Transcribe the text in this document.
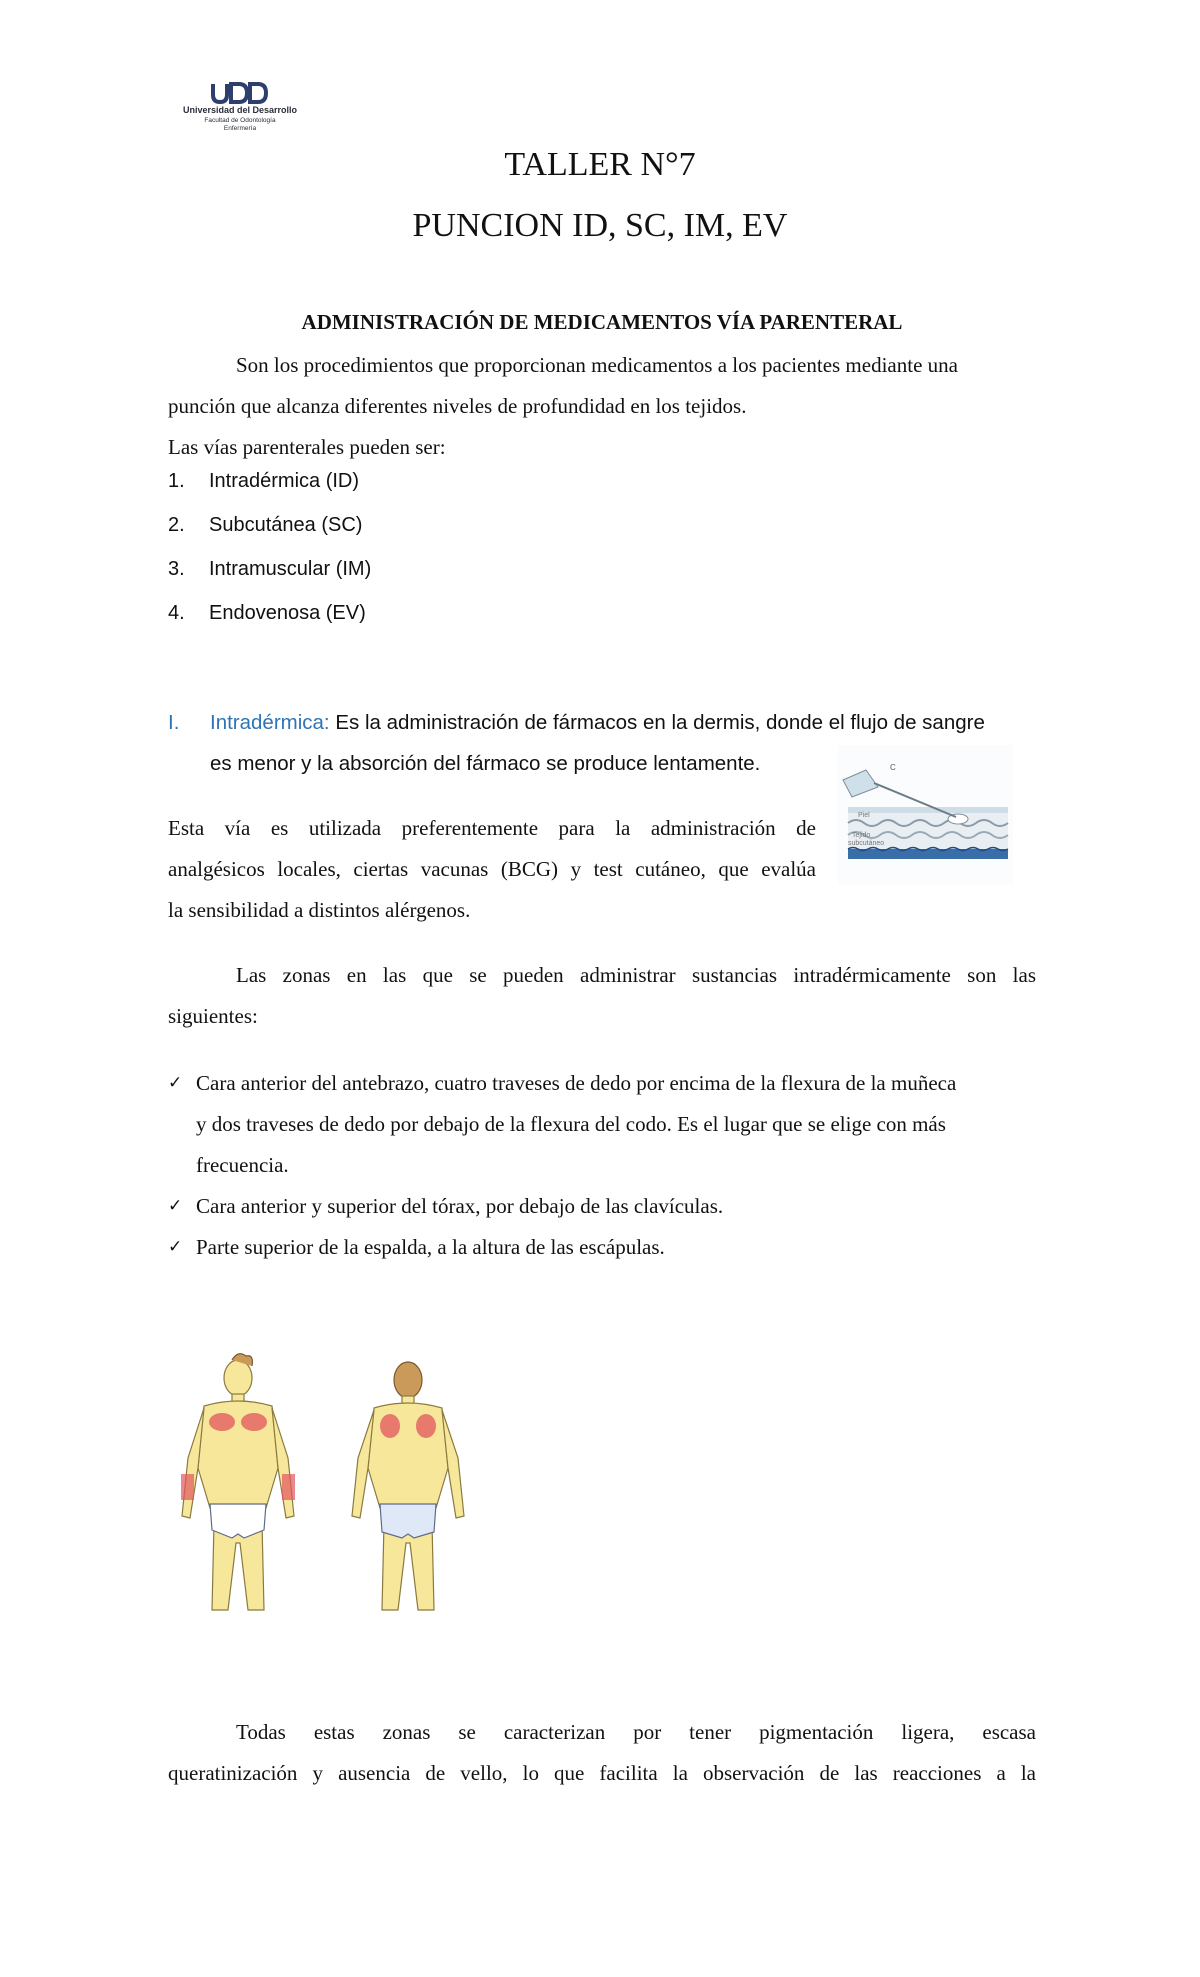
Universidad del Desarrollo
Facultad de Odontología
Enfermería
TALLER N°7
PUNCION ID, SC, IM, EV
ADMINISTRACIÓN DE MEDICAMENTOS VÍA PARENTERAL
Son los procedimientos que proporcionan medicamentos a los pacientes mediante una
punción que alcanza diferentes niveles de profundidad en los tejidos.
Las vías parenterales pueden ser:
1. Intradérmica (ID)
2. Subcutánea (SC)
3. Intramuscular (IM)
4. Endovenosa (EV)
I. Intradérmica: Es la administración de fármacos en la dermis, donde el flujo de sangre
es menor y la absorción del fármaco se produce lentamente.	C
Piel
Tejido
subcutáneo
Esta vía es utilizada preferentemente para la administración de
analgésicos locales, ciertas vacunas (BCG) y test cutáneo, que evalúa
la sensibilidad a distintos alérgenos.
Las zonas en las que se pueden administrar sustancias intradérmicamente son las
siguientes:
✓ Cara anterior del antebrazo, cuatro traveses de dedo por encima de la flexura de la muñeca
y dos traveses de dedo por debajo de la flexura del codo. Es el lugar que se elige con más
frecuencia.
✓ Cara anterior y superior del tórax, por debajo de las clavículas.
✓ Parte superior de la espalda, a la altura de las escápulas.
Todas estas zonas se caracterizan por tener pigmentación ligera, escasa
queratinización y ausencia de vello, lo que facilita la observación de las reacciones a la
